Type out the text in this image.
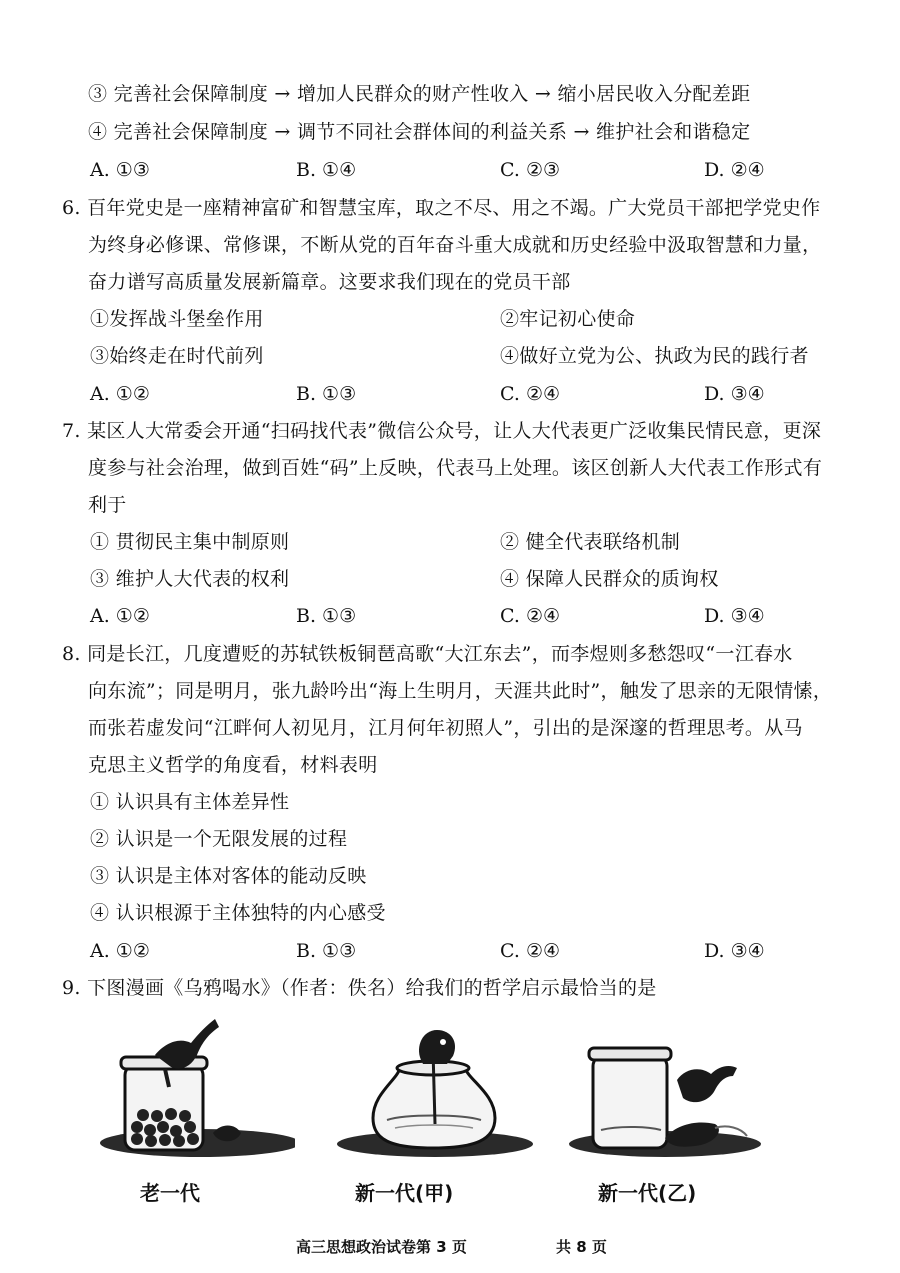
③ 完善社会保障制度 → 增加人民群众的财产性收入 → 缩小居民收入分配差距
④ 完善社会保障制度 → 调节不同社会群体间的利益关系 → 维护社会和谐稳定
A. ①③	B. ①④	C. ②③	D. ②④
6. 百年党史是一座精神富矿和智慧宝库，取之不尽、用之不竭。广大党员干部把学党史作
为终身必修课、常修课，不断从党的百年奋斗重大成就和历史经验中汲取智慧和力量，
奋力谱写高质量发展新篇章。这要求我们现在的党员干部
①发挥战斗堡垒作用	②牢记初心使命
③始终走在时代前列	④做好立党为公、执政为民的践行者
A. ①②	B. ①③	C. ②④	D. ③④
7. 某区人大常委会开通“扫码找代表”微信公众号，让人大代表更广泛收集民情民意，更深
度参与社会治理，做到百姓“码”上反映，代表马上处理。该区创新人大代表工作形式有
利于
① 贯彻民主集中制原则	② 健全代表联络机制
③ 维护人大代表的权利	④ 保障人民群众的质询权
A. ①②	B. ①③	C. ②④	D. ③④
8. 同是长江，几度遭贬的苏轼铁板铜琶高歌“大江东去”，而李煜则多愁怨叹“一江春水
向东流”；同是明月，张九龄吟出“海上生明月，天涯共此时”，触发了思亲的无限情愫，
而张若虚发问“江畔何人初见月，江月何年初照人”，引出的是深邃的哲理思考。从马
克思主义哲学的角度看，材料表明
① 认识具有主体差异性
② 认识是一个无限发展的过程
③ 认识是主体对客体的能动反映
④ 认识根源于主体独特的内心感受
A. ①②	B. ①③	C. ②④	D. ③④
9. 下图漫画《乌鸦喝水》（作者：佚名）给我们的哲学启示最恰当的是
老一代	新一代(甲)	新一代(乙)
高三思想政治试卷第 3 页	共 8 页
